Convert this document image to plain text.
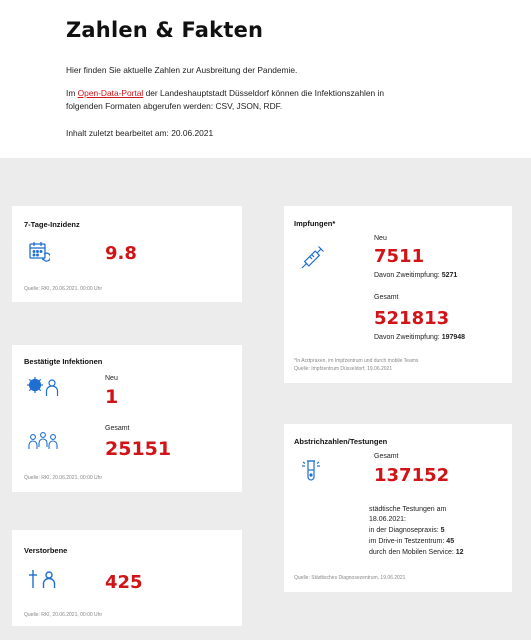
Zahlen & Fakten
Hier finden Sie aktuelle Zahlen zur Ausbreitung der Pandemie.
Im Open-Data-Portal der Landeshauptstadt Düsseldorf können die Infektionszahlen in
folgenden Formaten abgerufen werden: CSV, JSON, RDF.
Inhalt zuletzt bearbeitet am: 20.06.2021
7-Tage-Inzidenz
9.8
Quelle: RKI, 20.06.2021, 00:00 Uhr
Bestätigte Infektionen
Neu
1
Gesamt
25151
Quelle: RKI, 20.06.2021, 00:00 Uhr
Verstorbene
425
Quelle: RKI, 20.06.2021, 00:00 Uhr
Impfungen*
Neu
7511
Davon Zweitimpfung: 5271
Gesamt
521813
Davon Zweitimpfung: 197948
*In Arztpraxen, im Impfzentrum und durch mobile Teams
Quelle: Impfzentrum Düsseldorf, 19.06.2021
Abstrichzahlen/Testungen
Gesamt
137152
städtische Testungen am
18.06.2021:
in der Diagnosepraxis: 5
im Drive-in Testzentrum: 45
durch den Mobilen Service: 12
Quelle: Städtisches Diagnosezentrum, 19.06.2021
